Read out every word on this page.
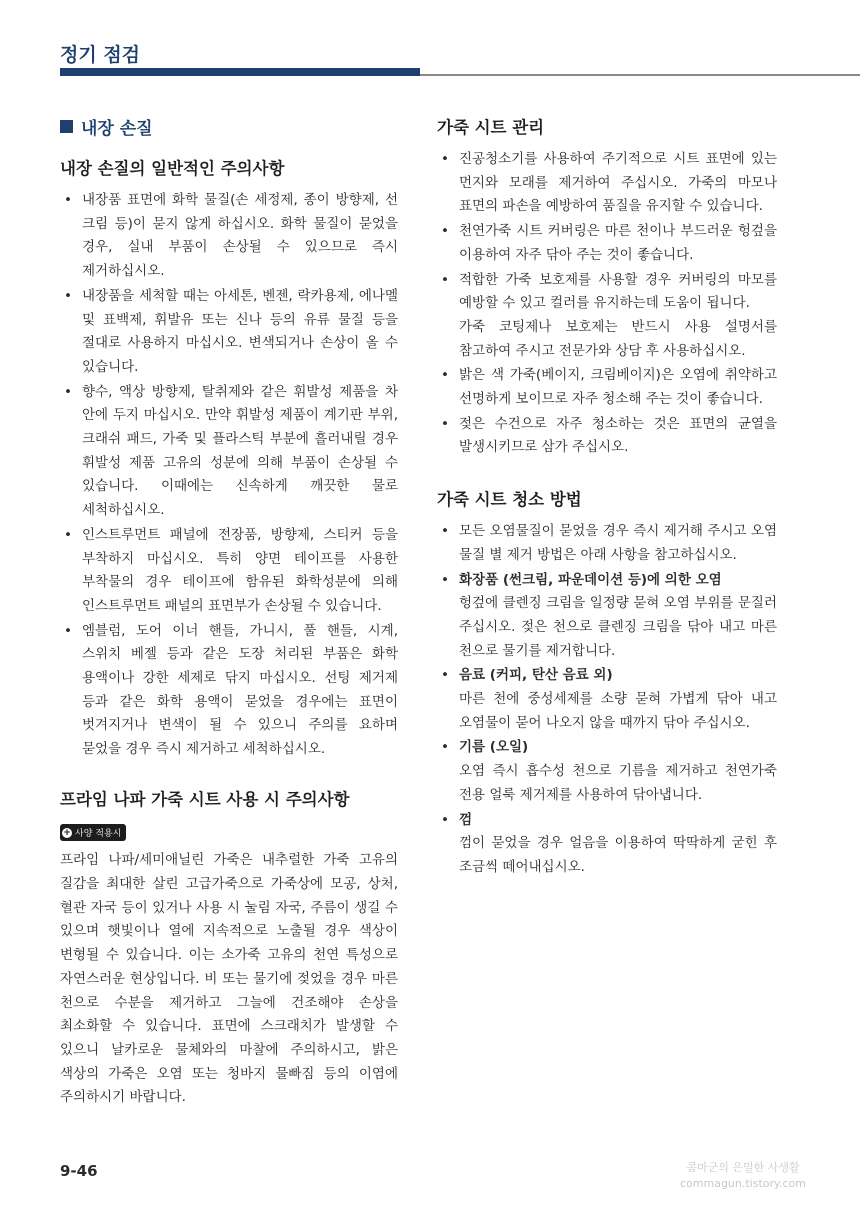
정기 점검
내장 손질
내장 손질의 일반적인 주의사항
• 내장품 표면에 화학 물질(손 세정제, 종이 방향제, 선 크림 등)이 묻지 않게 하십시오. 화학 물질이 묻었을 경우, 실내 부품이 손상될 수 있으므로 즉시 제거하십시오.
• 내장품을 세척할 때는 아세톤, 벤젠, 락카용제, 에나멜 및 표백제, 휘발유 또는 신나 등의 유류 물질 등을 절대로 사용하지 마십시오. 변색되거나 손상이 올 수 있습니다.
• 향수, 액상 방향제, 탈취제와 같은 휘발성 제품을 차 안에 두지 마십시오. 만약 휘발성 제품이 계기판 부위, 크래쉬 패드, 가죽 및 플라스틱 부분에 흘러내릴 경우 휘발성 제품 고유의 성분에 의해 부품이 손상될 수 있습니다. 이때에는 신속하게 깨끗한 물로 세척하십시오.
• 인스트루먼트 패널에 전장품, 방향제, 스티커 등을 부착하지 마십시오. 특히 양면 테이프를 사용한 부착물의 경우 테이프에 함유된 화학성분에 의해 인스트루먼트 패널의 표면부가 손상될 수 있습니다.
• 엠블럼, 도어 이너 핸들, 가니시, 풀 핸들, 시계, 스위치 베젤 등과 같은 도장 처리된 부품은 화학 용액이나 강한 세제로 닦지 마십시오. 선팅 제거제 등과 같은 화학 용액이 묻었을 경우에는 표면이 벗겨지거나 변색이 될 수 있으니 주의를 요하며 묻었을 경우 즉시 제거하고 세척하십시오.
프라임 나파 가죽 시트 사용 시 주의사항
+ 사양 적용시

프라임 나파/세미애닐린 가죽은 내추럴한 가죽 고유의 질감을 최대한 살린 고급가죽으로 가죽상에 모공, 상처, 혈관 자국 등이 있거나 사용 시 눌림 자국, 주름이 생길 수 있으며 햇빛이나 열에 지속적으로 노출될 경우 색상이 변형될 수 있습니다. 이는 소가죽 고유의 천연 특성으로 자연스러운 현상입니다. 비 또는 물기에 젖었을 경우 마른 천으로 수분을 제거하고 그늘에 건조해야 손상을 최소화할 수 있습니다. 표면에 스크래치가 발생할 수 있으니 날카로운 물체와의 마찰에 주의하시고, 밝은 색상의 가죽은 오염 또는 청바지 물빠짐 등의 이염에 주의하시기 바랍니다.

가죽 시트 관리
• 진공청소기를 사용하여 주기적으로 시트 표면에 있는 먼지와 모래를 제거하여 주십시오. 가죽의 마모나 표면의 파손을 예방하여 품질을 유지할 수 있습니다.
• 천연가죽 시트 커버링은 마른 천이나 부드러운 헝겊을 이용하여 자주 닦아 주는 것이 좋습니다.
• 적합한 가죽 보호제를 사용할 경우 커버링의 마모를 예방할 수 있고 컬러를 유지하는데 도움이 됩니다.
가죽 코팅제나 보호제는 반드시 사용 설명서를 참고하여 주시고 전문가와 상담 후 사용하십시오.
• 밝은 색 가죽(베이지, 크림베이지)은 오염에 취약하고 선명하게 보이므로 자주 청소해 주는 것이 좋습니다.
• 젖은 수건으로 자주 청소하는 것은 표면의 균열을 발생시키므로 삼가 주십시오.
가죽 시트 청소 방법
• 모든 오염물질이 묻었을 경우 즉시 제거해 주시고 오염 물질 별 제거 방법은 아래 사항을 참고하십시오.
• 화장품 (썬크림, 파운데이션 등)에 의한 오염
헝겊에 클렌징 크림을 일정량 묻혀 오염 부위를 문질러 주십시오. 젖은 천으로 클렌징 크림을 닦아 내고 마른 천으로 물기를 제거합니다.
• 음료 (커피, 탄산 음료 외)
마른 천에 중성세제를 소량 묻혀 가볍게 닦아 내고 오염물이 묻어 나오지 않을 때까지 닦아 주십시오.
• 기름 (오일)
오염 즉시 흡수성 천으로 기름을 제거하고 천연가죽 전용 얼룩 제거제를 사용하여 닦아냅니다.
• 껌
껌이 묻었을 경우 얼음을 이용하여 딱딱하게 굳힌 후 조금씩 떼어내십시오.
9-46	콤마군의 은밀한 사생활
commagun.tistory.com
